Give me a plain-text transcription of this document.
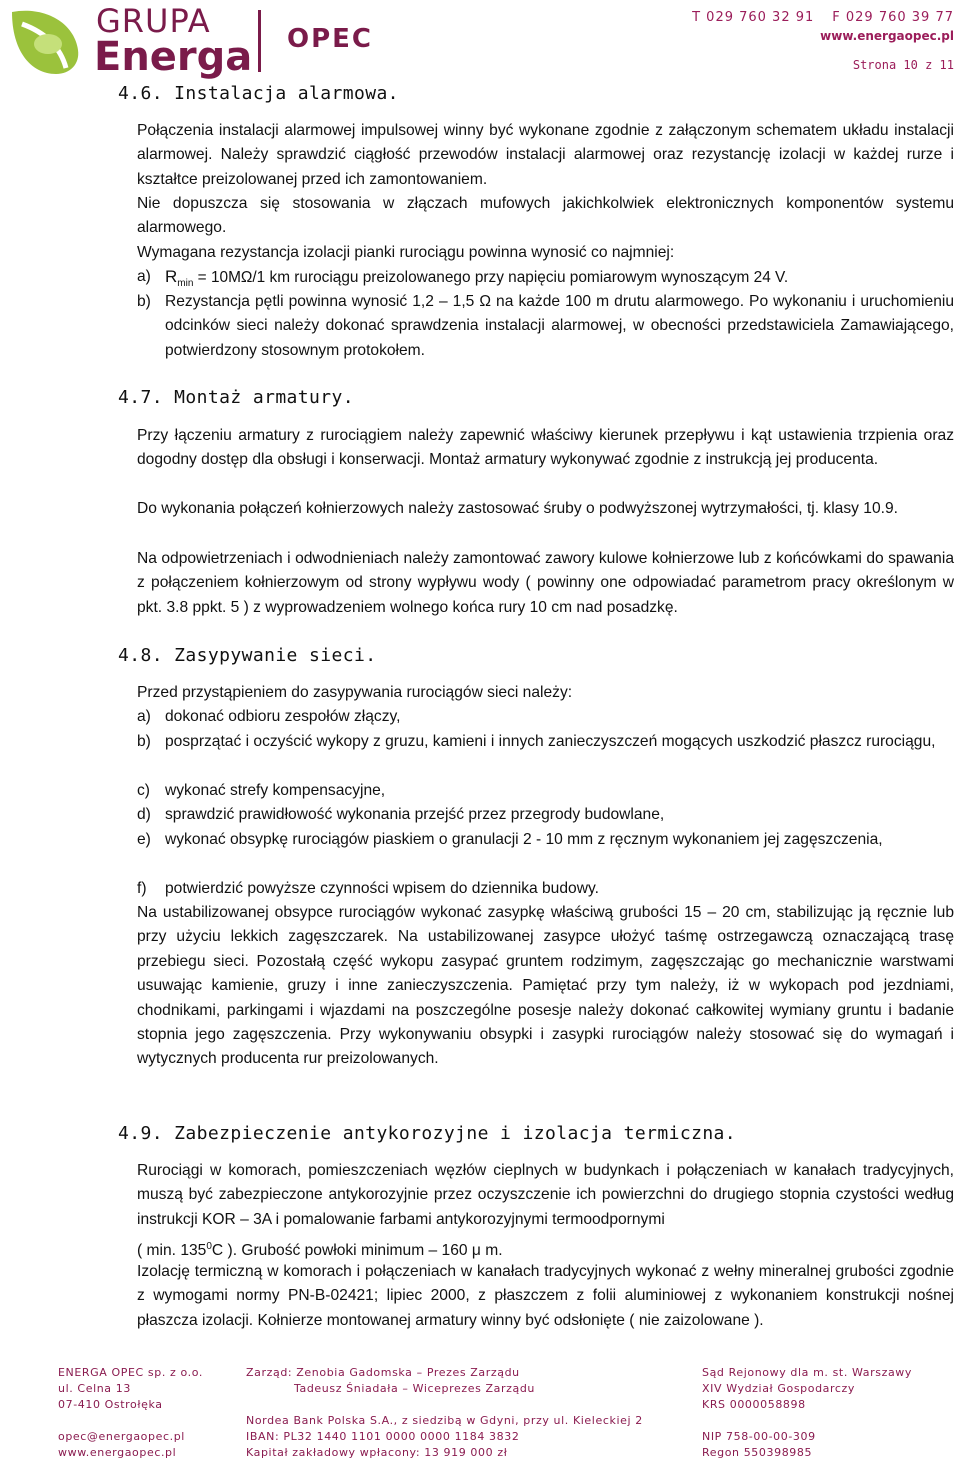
GRUPA
Energa OPEC
T 029 760 32 91 F 029 760 39 77
www.energaopec.pl
Strona 10 z 11
4.6. Instalacja alarmowa.
Połączenia instalacji alarmowej impulsowej winny być wykonane zgodnie z załączonym schematem układu instalacji alarmowej. Należy sprawdzić ciągłość przewodów instalacji alarmowej oraz rezystancję izolacji w każdej rurze i kształtce preizolowanej przed ich zamontowaniem.
Nie dopuszcza się stosowania w złączach mufowych jakichkolwiek elektronicznych komponentów systemu alarmowego.
Wymagana rezystancja izolacji pianki rurociągu powinna wynosić co najmniej:
a) $R_{min} = 10M\Omega/1$ km rurociągu preizolowanego przy napięciu pomiarowym wynoszącym 24 V.
b) Rezystancja pętli powinna wynosić 1,2 – 1,5 Ω na każde 100 m drutu alarmowego. Po wykonaniu i uruchomieniu odcinków sieci należy dokonać sprawdzenia instalacji alarmowej, w obecności przedstawiciela Zamawiającego, potwierdzony stosownym protokołem.
4.7. Montaż armatury.
Przy łączeniu armatury z rurociągiem należy zapewnić właściwy kierunek przepływu i kąt ustawienia trzpienia oraz dogodny dostęp dla obsługi i konserwacji. Montaż armatury wykonywać zgodnie z instrukcją jej producenta.
Do wykonania połączeń kołnierzowych należy zastosować śruby o podwyższonej wytrzymałości, tj. klasy 10.9.
Na odpowietrzeniach i odwodnieniach należy zamontować zawory kulowe kołnierzowe lub z końcówkami do spawania z połączeniem kołnierzowym od strony wypływu wody ( powinny one odpowiadać parametrom pracy określonym w pkt. 3.8 ppkt. 5 ) z wyprowadzeniem wolnego końca rury 10 cm nad posadzkę.
4.8. Zasypywanie sieci.
Przed przystąpieniem do zasypywania rurociągów sieci należy:
a) dokonać odbioru zespołów złączy,
b) posprzątać i oczyścić wykopy z gruzu, kamieni i innych zanieczyszczeń mogących uszkodzić płaszcz rurociągu,
c) wykonać strefy kompensacyjne,
d) sprawdzić prawidłowość wykonania przejść przez przegrody budowlane,
e) wykonać obsypkę rurociągów piaskiem o granulacji 2 - 10 mm z ręcznym wykonaniem jej zagęszczenia,
f)	potwierdzić powyższe czynności wpisem do dziennika budowy.
Na ustabilizowanej obsypce rurociągów wykonać zasypkę właściwą grubości 15 – 20 cm, stabilizując ją ręcznie lub przy użyciu lekkich zagęszczarek. Na ustabilizowanej zasypce ułożyć taśmę ostrzegawczą oznaczającą trasę przebiegu sieci. Pozostałą część wykopu zasypać gruntem rodzimym, zagęszczając go mechanicznie warstwami usuwając kamienie, gruzy i inne zanieczyszczenia. Pamiętać przy tym należy, iż w wykopach pod jezdniami, chodnikami, parkingami i wjazdami na poszczególne posesje należy dokonać całkowitej wymiany gruntu i badanie stopnia jego zagęszczenia. Przy wykonywaniu obsypki i zasypki rurociągów należy stosować się do wymagań i wytycznych producenta rur preizolowanych.
4.9. Zabezpieczenie antykorozyjne i izolacja termiczna.
Rurociągi w komorach, pomieszczeniach węzłów cieplnych w budynkach i połączeniach w kanałach tradycyjnych, muszą być zabezpieczone antykorozyjnie przez oczyszczenie ich powierzchni do drugiego stopnia czystości według instrukcji KOR – 3A i pomalowanie farbami antykorozyjnymi termoodpornymi
( min. $135^0C$ ). Grubość powłoki minimum – 160 μ m.
Izolację termiczną w komorach i połączeniach w kanałach tradycyjnych wykonać z wełny mineralnej grubości zgodnie z wymogami normy PN-B-02421; lipiec 2000, z płaszczem z folii aluminiowej z wykonaniem konstrukcji nośnej płaszcza izolacji. Kołnierze montowanej armatury winny być odsłonięte ( nie zaizolowane ).
ENERGA OPEC sp. z o.o.
ul. Celna 13
07-410 Ostrołęka
opec@energaopec.pl
www.energaopec.pl
Zarząd: Zenobia Gadomska – Prezes Zarządu
Tadeusz Śniadała – Wiceprezes Zarządu
Nordea Bank Polska S.A., z siedzibą w Gdyni, przy ul. Kieleckiej 2
IBAN: PL32 1440 1101 0000 0000 1184 3832
Kapitał zakładowy wpłacony: 13 919 000 zł
Sąd Rejonowy dla m. st. Warszawy
XIV Wydział Gospodarczy
KRS 0000058898
NIP 758-00-00-309
Regon 550398985
